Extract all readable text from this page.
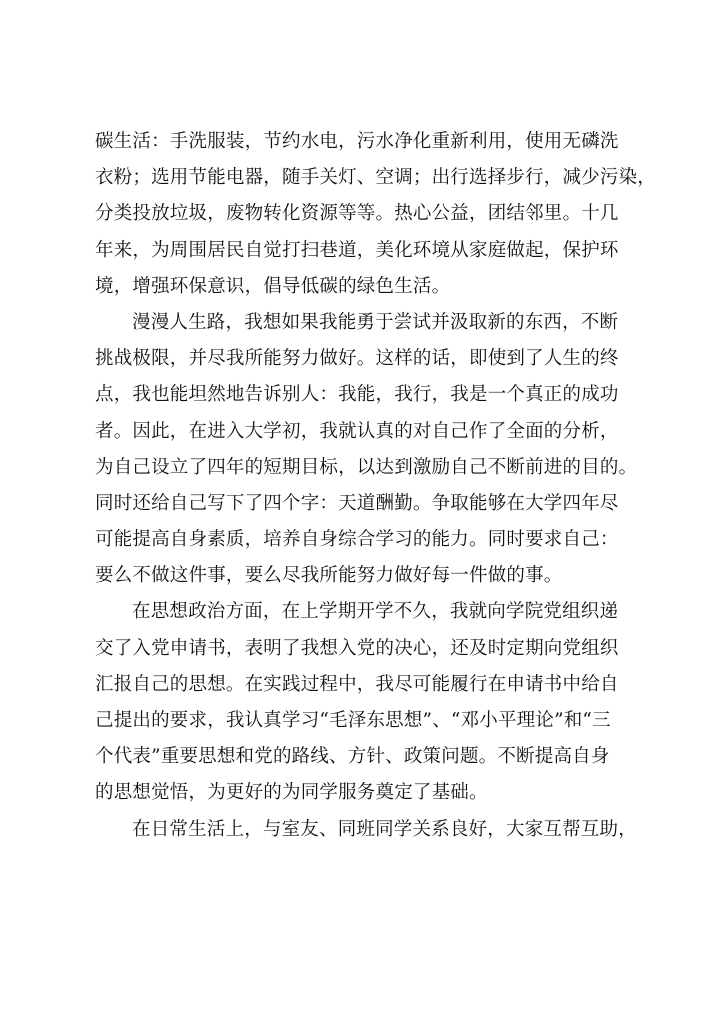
碳生活：手洗服装，节约水电，污水净化重新利用，使用无磷洗
衣粉；选用节能电器，随手关灯、空调；出行选择步行，减少污染，
分类投放垃圾，废物转化资源等等。热心公益，团结邻里。十几
年来，为周围居民自觉打扫巷道，美化环境从家庭做起，保护环
境，增强环保意识，倡导低碳的绿色生活。
漫漫人生路，我想如果我能勇于尝试并汲取新的东西，不断
挑战极限，并尽我所能努力做好。这样的话，即使到了人生的终
点，我也能坦然地告诉别人：我能，我行，我是一个真正的成功
者。因此，在进入大学初，我就认真的对自己作了全面的分析，
为自己设立了四年的短期目标，以达到激励自己不断前进的目的。
同时还给自己写下了四个字：天道酬勤。争取能够在大学四年尽
可能提高自身素质，培养自身综合学习的能力。同时要求自己：
要么不做这件事，要么尽我所能努力做好每一件做的事。
在思想政治方面，在上学期开学不久，我就向学院党组织递
交了入党申请书，表明了我想入党的决心，还及时定期向党组织
汇报自己的思想。在实践过程中，我尽可能履行在申请书中给自
己提出的要求，我认真学习“毛泽东思想”、“邓小平理论”和“三
个代表”重要思想和党的路线、方针、政策问题。不断提高自身
的思想觉悟，为更好的为同学服务奠定了基础。
在日常生活上，与室友、同班同学关系良好，大家互帮互助，
